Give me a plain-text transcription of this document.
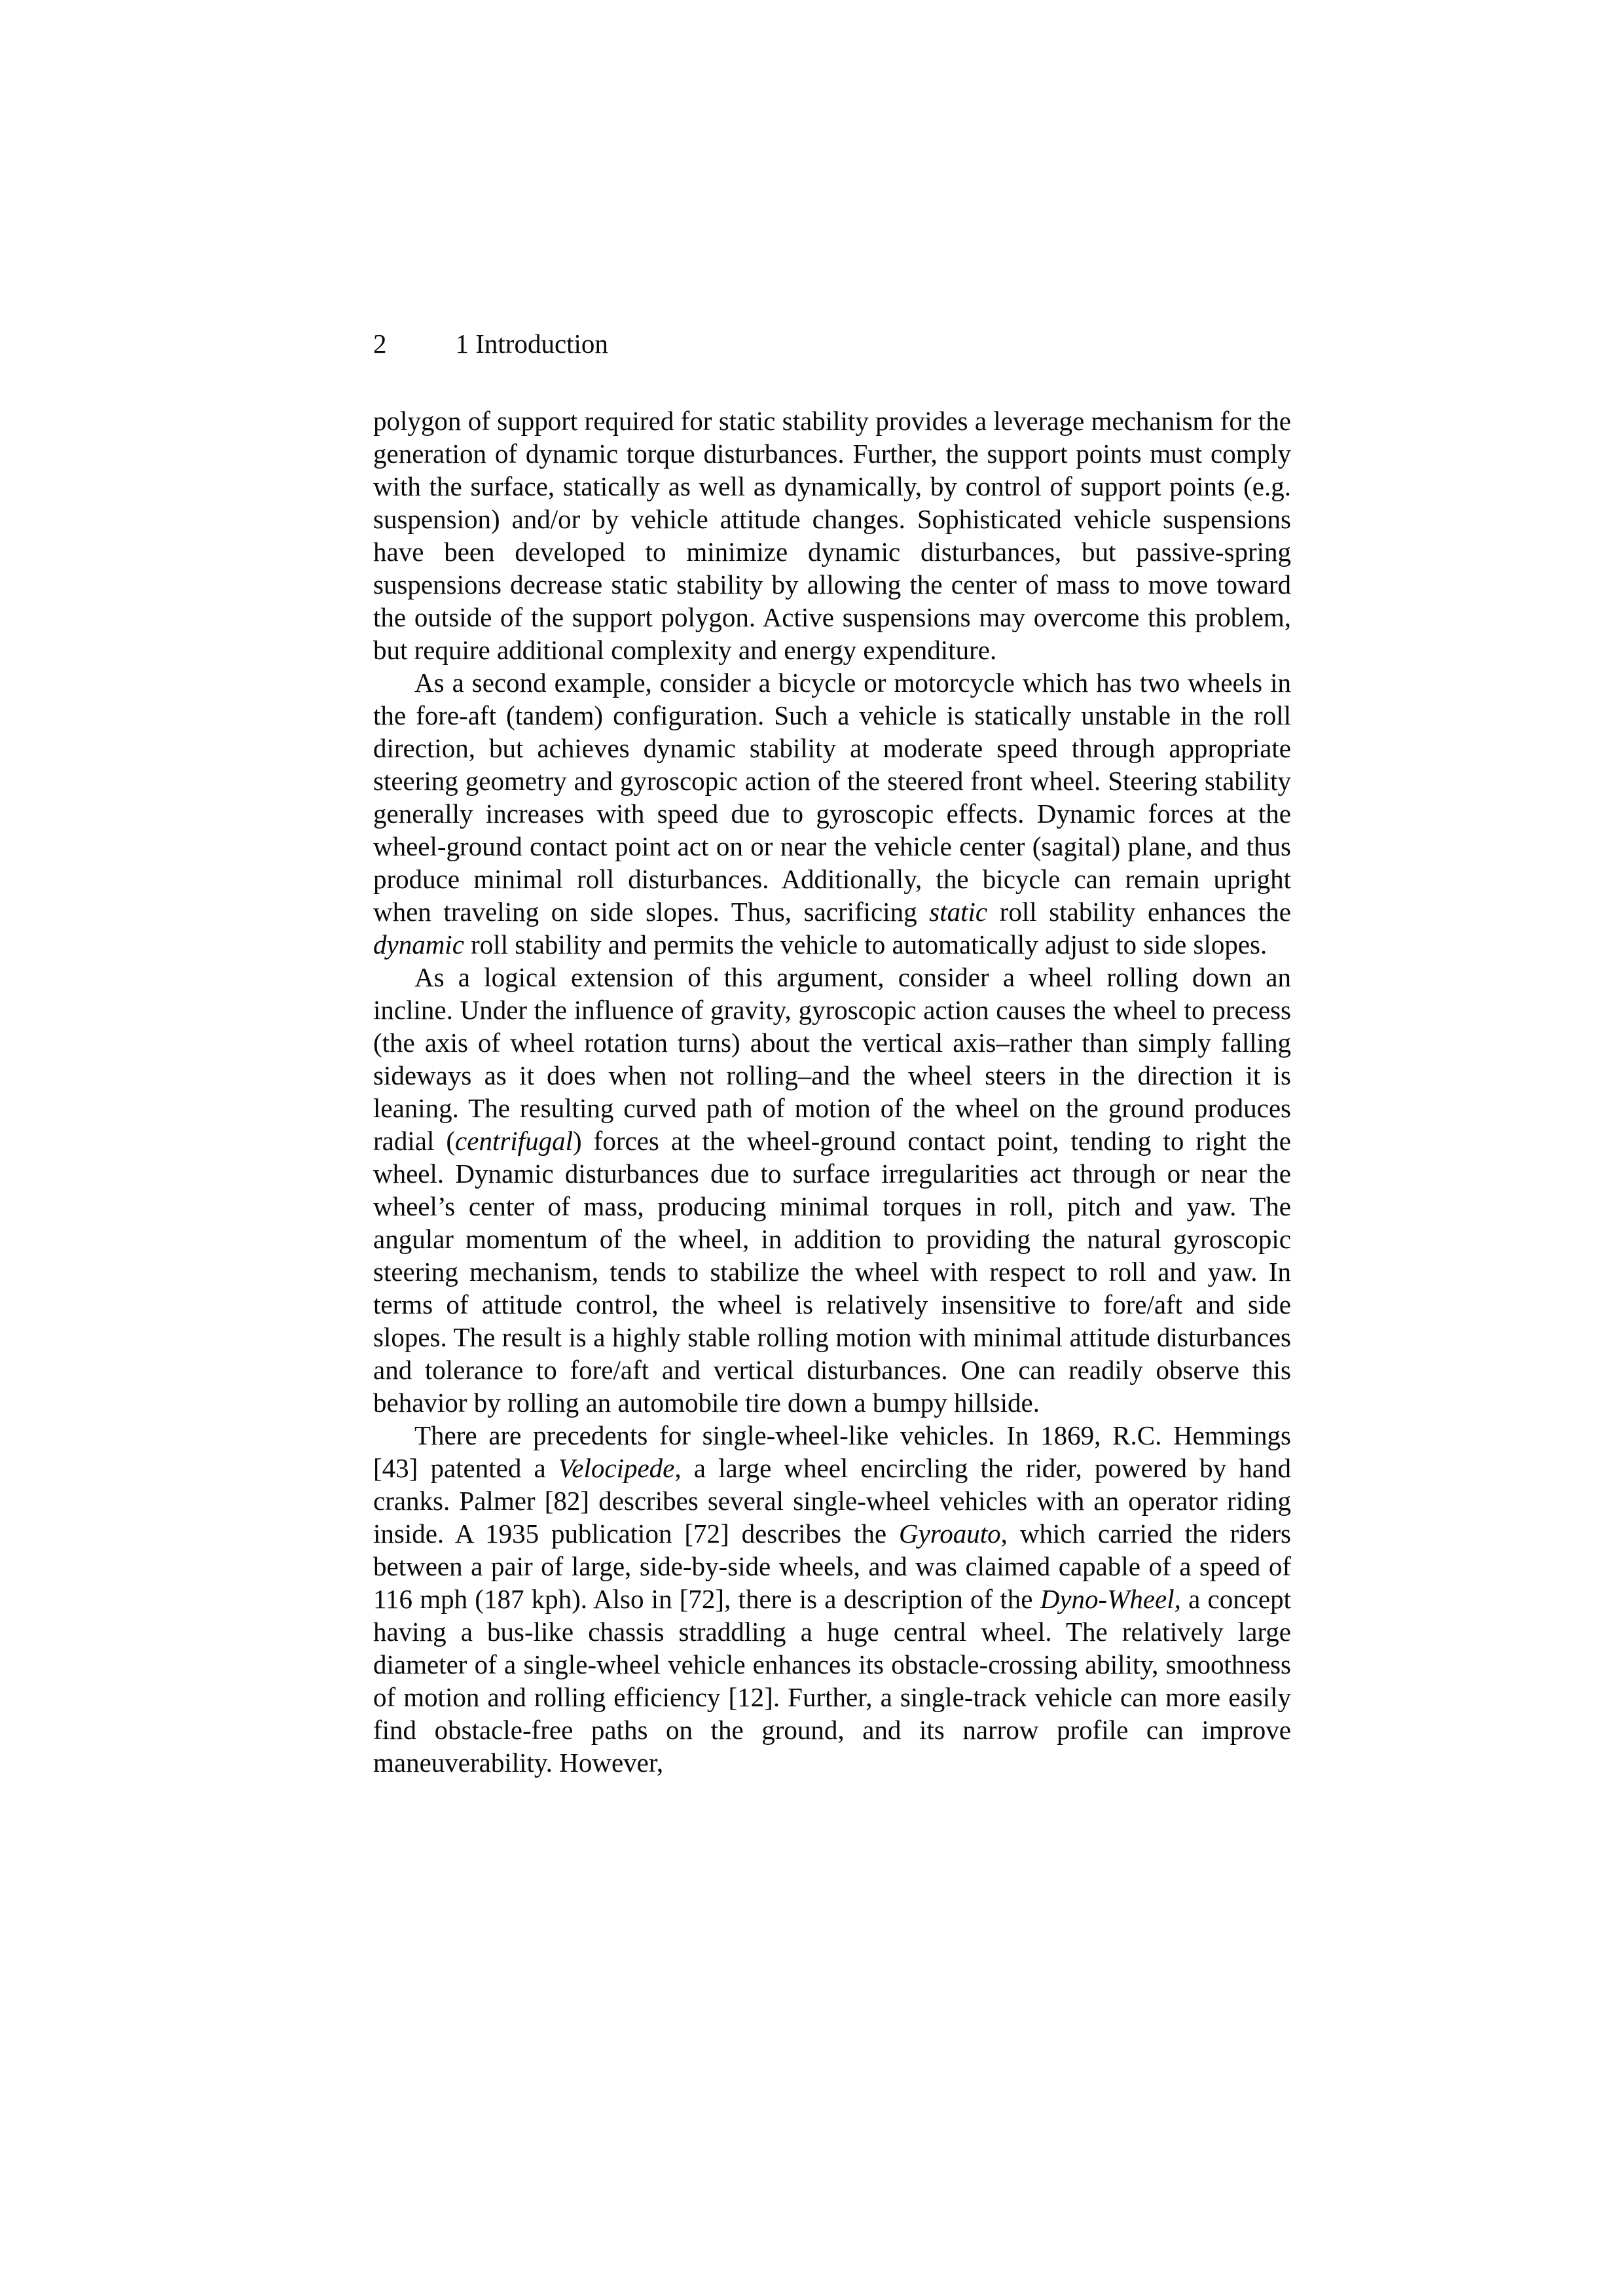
2	1 Introduction

polygon of support required for static stability provides a leverage mechanism for the generation of dynamic torque disturbances. Further, the support points must comply with the surface, statically as well as dynamically, by control of support points (e.g. suspension) and/or by vehicle attitude changes. Sophisticated vehicle suspensions have been developed to minimize dynamic disturbances, but passive-spring suspensions decrease static stability by allowing the center of mass to move toward the outside of the support polygon. Active suspensions may overcome this problem, but require additional complexity and energy expenditure.

As a second example, consider a bicycle or motorcycle which has two wheels in the fore-aft (tandem) configuration. Such a vehicle is statically unstable in the roll direction, but achieves dynamic stability at moderate speed through appropriate steering geometry and gyroscopic action of the steered front wheel. Steering stability generally increases with speed due to gyroscopic effects. Dynamic forces at the wheel-ground contact point act on or near the vehicle center (sagital) plane, and thus produce minimal roll disturbances. Additionally, the bicycle can remain upright when traveling on side slopes. Thus, sacrificing static roll stability enhances the dynamic roll stability and permits the vehicle to automatically adjust to side slopes.

As a logical extension of this argument, consider a wheel rolling down an incline. Under the influence of gravity, gyroscopic action causes the wheel to precess (the axis of wheel rotation turns) about the vertical axis–rather than simply falling sideways as it does when not rolling–and the wheel steers in the direction it is leaning. The resulting curved path of motion of the wheel on the ground produces radial (centrifugal) forces at the wheel-ground contact point, tending to right the wheel. Dynamic disturbances due to surface irregularities act through or near the wheel’s center of mass, producing minimal torques in roll, pitch and yaw. The angular momentum of the wheel, in addition to providing the natural gyroscopic steering mechanism, tends to stabilize the wheel with respect to roll and yaw. In terms of attitude control, the wheel is relatively insensitive to fore/aft and side slopes. The result is a highly stable rolling motion with minimal attitude disturbances and tolerance to fore/aft and vertical disturbances. One can readily observe this behavior by rolling an automobile tire down a bumpy hillside.

There are precedents for single-wheel-like vehicles. In 1869, R.C. Hemmings [43] patented a Velocipede, a large wheel encircling the rider, powered by hand cranks. Palmer [82] describes several single-wheel vehicles with an operator riding inside. A 1935 publication [72] describes the Gyroauto, which carried the riders between a pair of large, side-by-side wheels, and was claimed capable of a speed of 116 mph (187 kph). Also in [72], there is a description of the Dyno-Wheel, a concept having a bus-like chassis straddling a huge central wheel. The relatively large diameter of a single-wheel vehicle enhances its obstacle-crossing ability, smoothness of motion and rolling efficiency [12]. Further, a single-track vehicle can more easily find obstacle-free paths on the ground, and its narrow profile can improve maneuverability. However,
